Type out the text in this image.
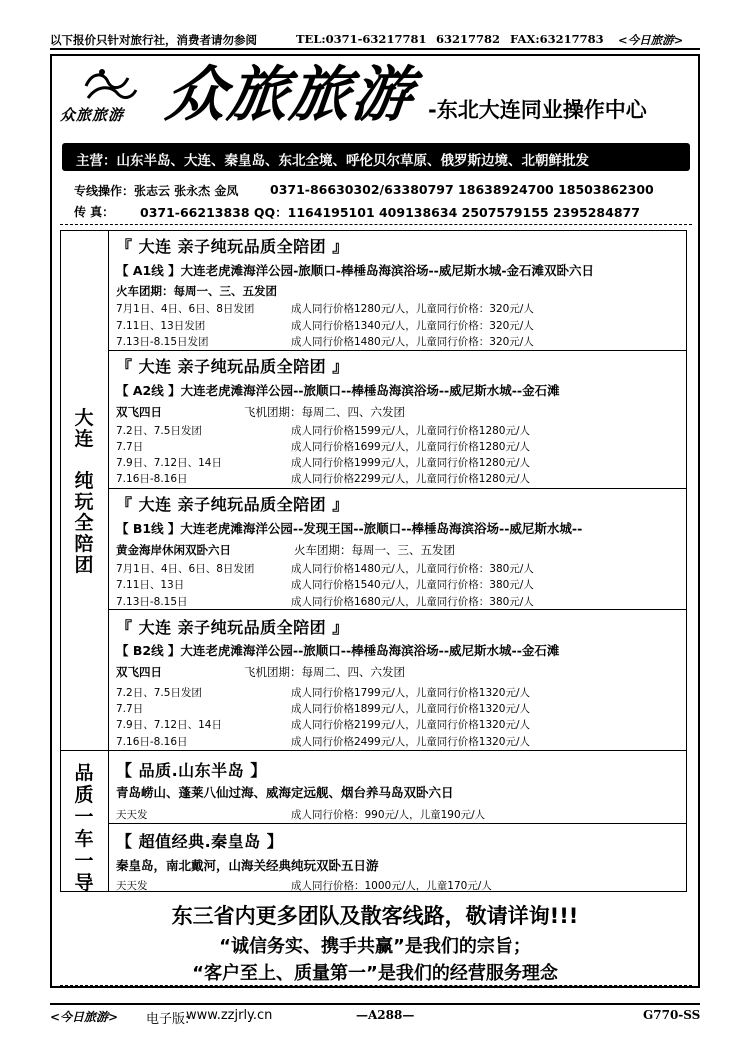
以下报价只针对旅行社，消费者请勿参阅	TEL:0371-63217781 63217782 FAX:63217783 <今日旅游>
众旅旅游 众旅旅游 -东北大连同业操作中心
主营：山东半岛、大连、秦皇岛、东北全境、呼伦贝尔草原、俄罗斯边境、北朝鲜批发
专线操作：张志云 张永杰 金凤	0371-86630302/63380797 18638924700 18503862300
传 真： 0371-66213838 QQ：1164195101 409138634 2507579155 2395284877
大
连
纯
玩
全
陪
团
品
质
一
车
一
导
『 大连 亲子纯玩品质全陪团 』
【 A1线 】大连老虎滩海洋公园-旅顺口-棒棰岛海滨浴场--威尼斯水城-金石滩双卧六日
火车团期：每周一、三、五发团
7月1日、4日、6日、8日发团	成人同行价格1280元/人，儿童同行价格：320元/人
7.11日、13日发团	成人同行价格1340元/人，儿童同行价格：320元/人
7.13日-8.15日发团	成人同行价格1480元/人，儿童同行价格：320元/人
『 大连 亲子纯玩品质全陪团 』
【 A2线 】大连老虎滩海洋公园--旅顺口--棒棰岛海滨浴场--威尼斯水城--金石滩
双飞四日	飞机团期：每周二、四、六发团
7.2日、7.5日发团	成人同行价格1599元/人，儿童同行价格1280元/人
7.7日	成人同行价格1699元/人，儿童同行价格1280元/人
7.9日、7.12日、14日	成人同行价格1999元/人，儿童同行价格1280元/人
7.16日-8.16日	成人同行价格2299元/人，儿童同行价格1280元/人
『 大连 亲子纯玩品质全陪团 』
【 B1线 】大连老虎滩海洋公园--发现王国--旅顺口--棒棰岛海滨浴场--威尼斯水城--
黄金海岸休闲双卧六日	火车团期：每周一、三、五发团
7月1日、4日、6日、8日发团	成人同行价格1480元/人，儿童同行价格：380元/人
7.11日、13日	成人同行价格1540元/人，儿童同行价格：380元/人
7.13日-8.15日	成人同行价格1680元/人，儿童同行价格：380元/人
『 大连 亲子纯玩品质全陪团 』
【 B2线 】大连老虎滩海洋公园--旅顺口--棒棰岛海滨浴场--威尼斯水城--金石滩
双飞四日	飞机团期：每周二、四、六发团
7.2日、7.5日发团	成人同行价格1799元/人，儿童同行价格1320元/人
7.7日	成人同行价格1899元/人，儿童同行价格1320元/人
7.9日、7.12日、14日	成人同行价格2199元/人，儿童同行价格1320元/人
7.16日-8.16日	成人同行价格2499元/人，儿童同行价格1320元/人
【 品质.山东半岛 】
青岛崂山、蓬莱八仙过海、威海定远舰、烟台养马岛双卧六日
天天发	成人同行价格：990元/人，儿童190元/人
【 超值经典.秦皇岛 】
秦皇岛，南北戴河，山海关经典纯玩双卧五日游
天天发	成人同行价格：1000元/人，儿童170元/人
东三省内更多团队及散客线路，敬请详询!!!
“诚信务实、携手共赢”是我们的宗旨；
“客户至上、质量第一”是我们的经营服务理念
<今日旅游> 电子版:
www.zzjrly.cn	—A288—	G770-SS
